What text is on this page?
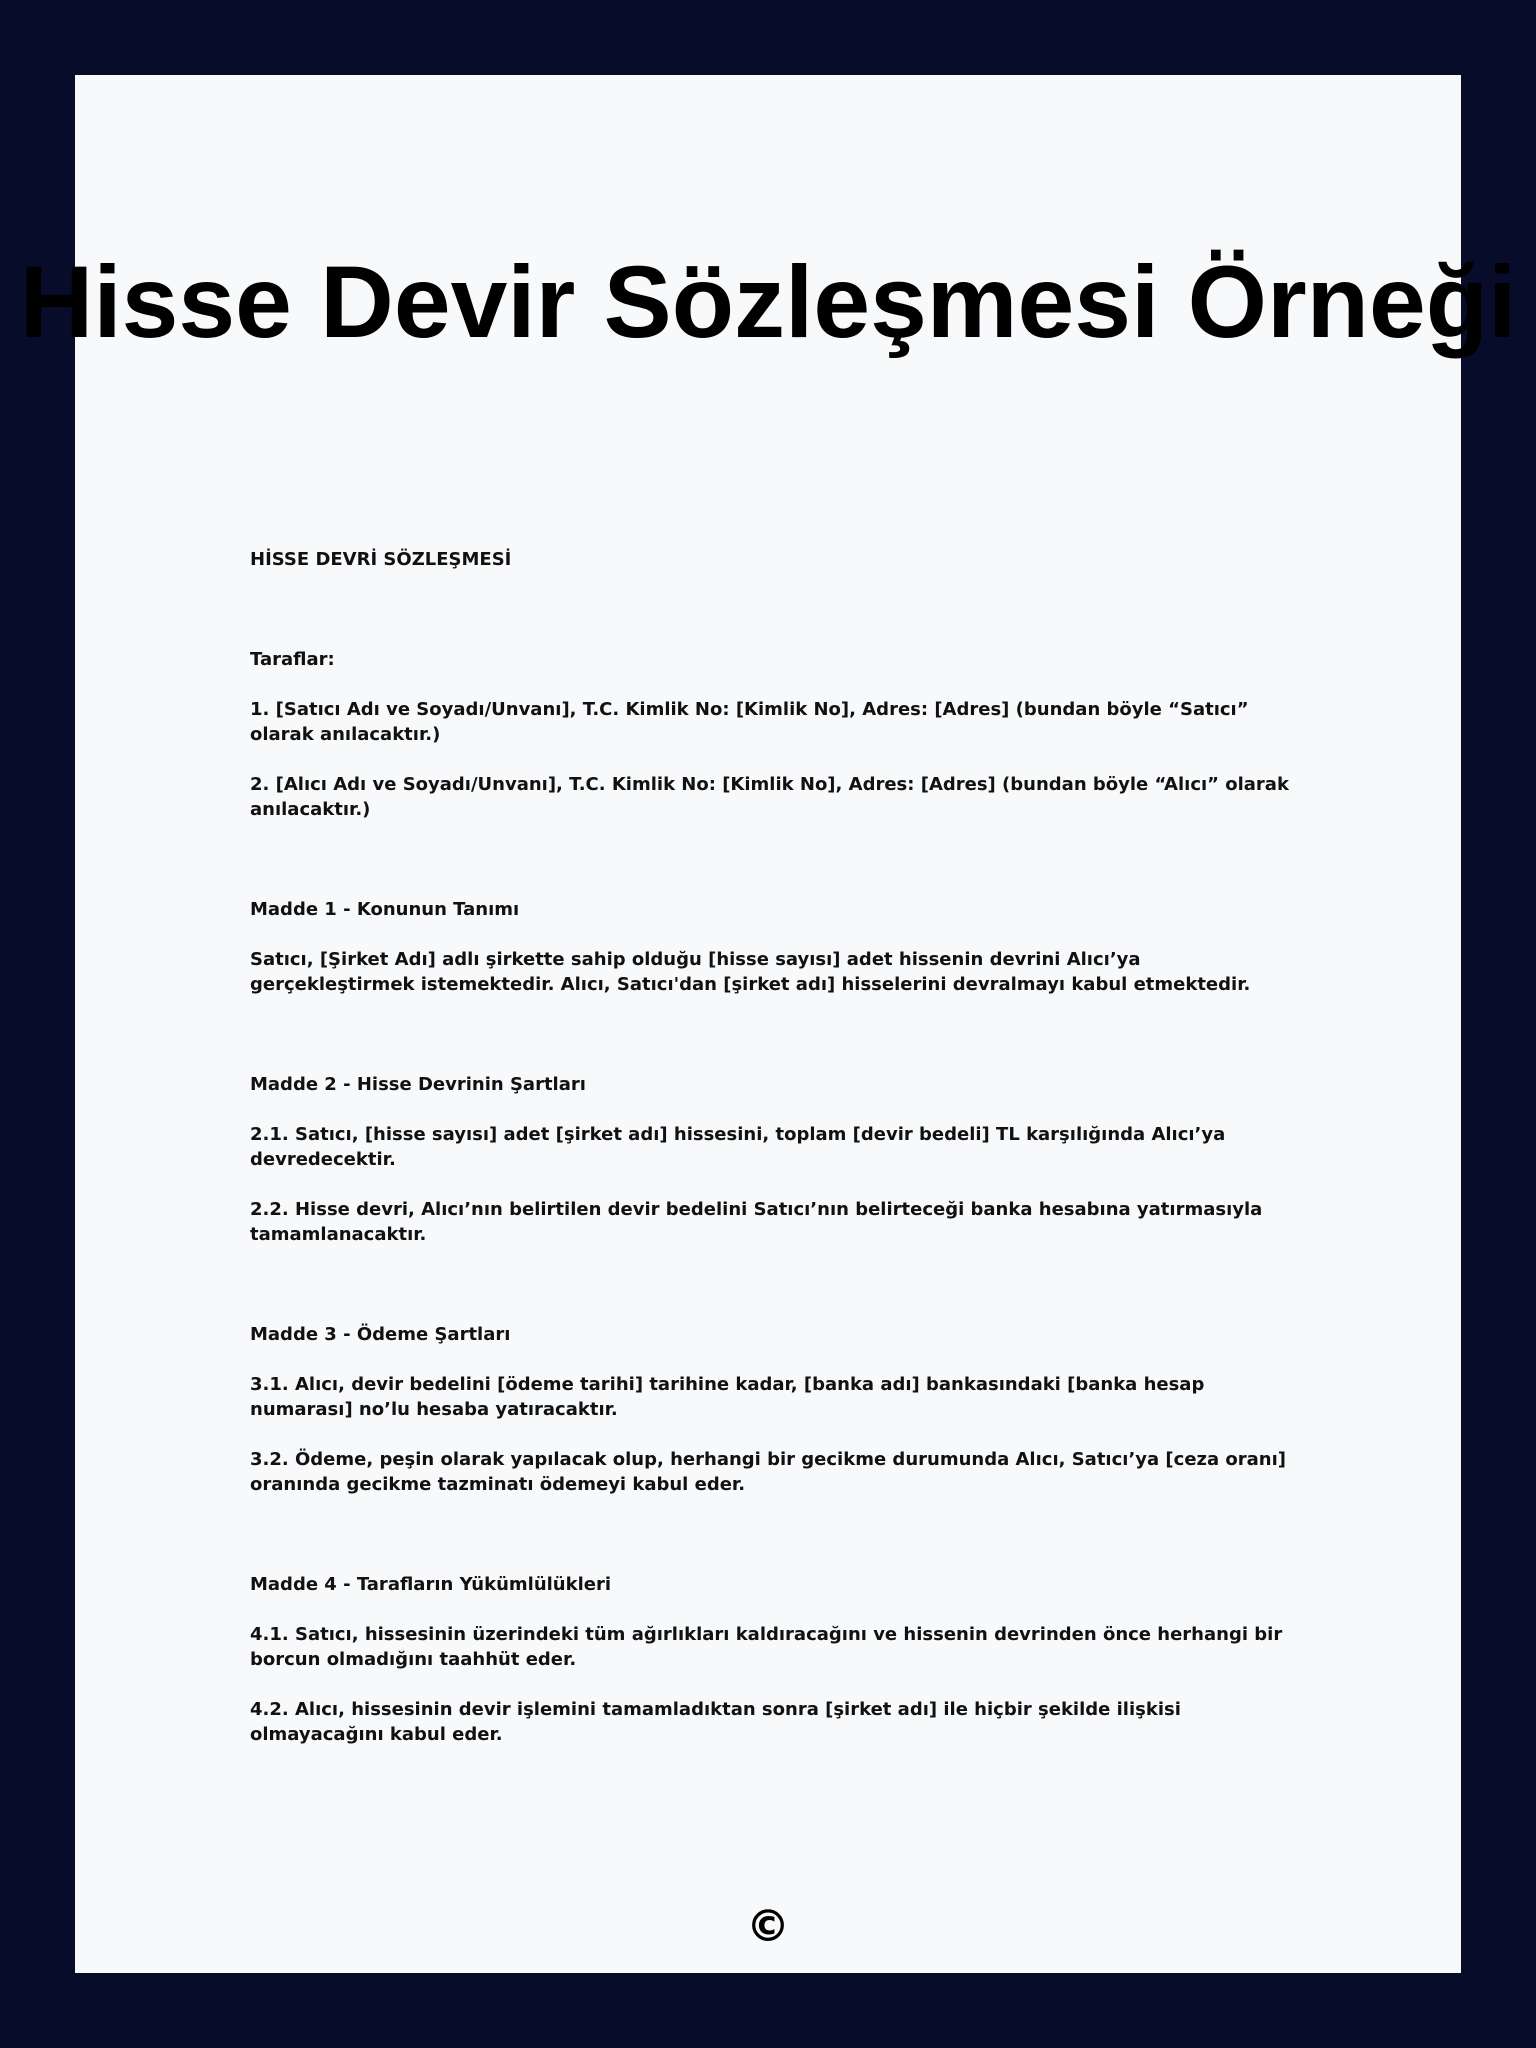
Hisse Devir Sözleşmesi Örneği

HİSSE DEVRİ SÖZLEŞMESİ

Taraflar:

1. [Satıcı Adı ve Soyadı/Unvanı], T.C. Kimlik No: [Kimlik No], Adres: [Adres] (bundan böyle “Satıcı” olarak anılacaktır.)

2. [Alıcı Adı ve Soyadı/Unvanı], T.C. Kimlik No: [Kimlik No], Adres: [Adres] (bundan böyle “Alıcı” olarak anılacaktır.)

Madde 1 - Konunun Tanımı

Satıcı, [Şirket Adı] adlı şirkette sahip olduğu [hisse sayısı] adet hissenin devrini Alıcı’ya gerçekleştirmek istemektedir. Alıcı, Satıcı'dan [şirket adı] hisselerini devralmayı kabul etmektedir.

Madde 2 - Hisse Devrinin Şartları

2.1. Satıcı, [hisse sayısı] adet [şirket adı] hissesini, toplam [devir bedeli] TL karşılığında Alıcı’ya devredecektir.

2.2. Hisse devri, Alıcı’nın belirtilen devir bedelini Satıcı’nın belirteceği banka hesabına yatırmasıyla tamamlanacaktır.

Madde 3 - Ödeme Şartları

3.1. Alıcı, devir bedelini [ödeme tarihi] tarihine kadar, [banka adı] bankasındaki [banka hesap numarası] no’lu hesaba yatıracaktır.

3.2. Ödeme, peşin olarak yapılacak olup, herhangi bir gecikme durumunda Alıcı, Satıcı’ya [ceza oranı] oranında gecikme tazminatı ödemeyi kabul eder.

Madde 4 - Tarafların Yükümlülükleri

4.1. Satıcı, hissesinin üzerindeki tüm ağırlıkları kaldıracağını ve hissenin devrinden önce herhangi bir borcun olmadığını taahhüt eder.

4.2. Alıcı, hissesinin devir işlemini tamamladıktan sonra [şirket adı] ile hiçbir şekilde ilişkisi olmayacağını kabul eder.

©
